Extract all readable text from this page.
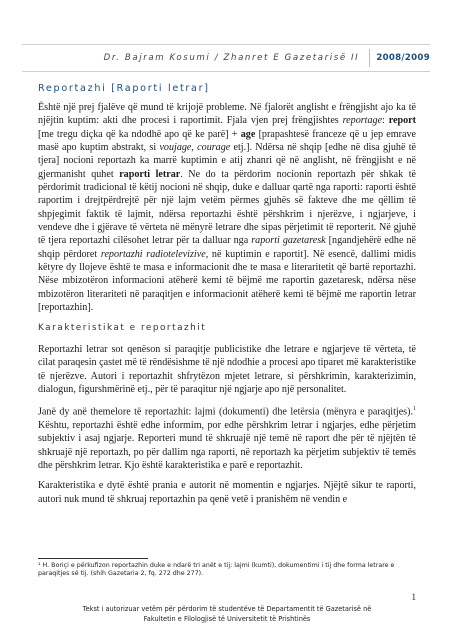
Dr. Bajram Kosumi / Zhanret E Gazetarisë II 2008/2009
Reportazhi [Raporti letrar]

Është një prej fjalëve që mund të krijojë probleme. Në fjalorët anglisht e frëngjisht ajo ka të njëjtin kuptim: akti dhe procesi i raportimit. Fjala vjen prej frëngjishtes reportage: report [me tregu diçka që ka ndodhë apo që ke parë] + age [prapashtesë franceze që u jep emrave masë apo kuptim abstrakt, si voujage, courage etj.]. Ndërsa në shqip [edhe në disa gjuhë të tjera] nocioni reportazh ka marrë kuptimin e atij zhanri që në anglisht, në frëngjisht e në gjermanisht quhet raporti letrar. Ne do ta përdorim nocionin reportazh për shkak të përdorimit tradicional të këtij nocioni në shqip, duke e dalluar qartë nga raporti: raporti është raportim i drejtpërdrejtë për një lajm vetëm përmes gjuhës së fakteve dhe me qëllim të shpjegimit faktik të lajmit, ndërsa reportazhi është përshkrim i njerëzve, i ngjarjeve, i vendeve dhe i gjërave të vërteta në mënyrë letrare dhe sipas përjetimit të reporterit. Në gjuhë të tjera reportazhi cilësohet letrar për ta dalluar nga raporti gazetaresk [ngandjehërë edhe në shqip përdoret reportazhi radiotelevizive, në kuptimin e raportit]. Në esencë, dallimi midis këtyre dy llojeve është te masa e informacionit dhe te masa e literaritetit që bartë reportazhi. Nëse mbizotëron informacioni atëherë kemi të bëjmë me raportin gazetaresk, ndërsa nëse mbizotëron literariteti në paraqitjen e informacionit atëherë kemi të bëjmë me raportin letrar [reportazhin].

Karakteristikat e reportazhit

Reportazhi letrar sot qenëson si paraqitje publicistike dhe letrare e ngjarjeve të vërteta, të cilat paraqesin çastet më të rëndësishme të një ndodhie a procesi apo tiparet më karakteristike të njerëzve. Autori i reportazhit shfrytëzon mjetet letrare, si përshkrimin, karakterizimin, dialogun, figurshmërinë etj., për të paraqitur një ngjarje apo një personalitet.

Janë dy anë themelore të reportazhit: lajmi (dokumenti) dhe letërsia (mënyra e paraqitjes).$^1$ Kështu, reportazhi është edhe informim, por edhe përshkrim letrar i ngjarjes, edhe përjetim subjektiv i asaj ngjarje. Reporteri mund të shkruajë një temë në raport dhe për të njëjtën të shkruajë një reportazh, po për dallim nga raporti, në reportazh ka përjetim subjektiv të temës dhe përshkrim letrar. Kjo është karakteristika e parë e reportazhit.

Karakteristika e dytë është prania e autorit në momentin e ngjarjes. Njëjtë sikur te raporti, autori nuk mund të shkruaj reportazhin pa qenë vetë i pranishëm në vendin e

¹ H. Boriçi e përkufizon reportazhin duke e ndarë tri anët e tij: lajmi (kumti), dokumentimi i tij dhe forma letrare e paraqitjes së tij. (shih Gazetaria 2, fq. 272 dhe 277).
1
Tekst i autorizuar vetëm për përdorim të studentëve të Departamentit të Gazetarisë në
Fakultetin e Filologjisë të Universitetit të Prishtinës
